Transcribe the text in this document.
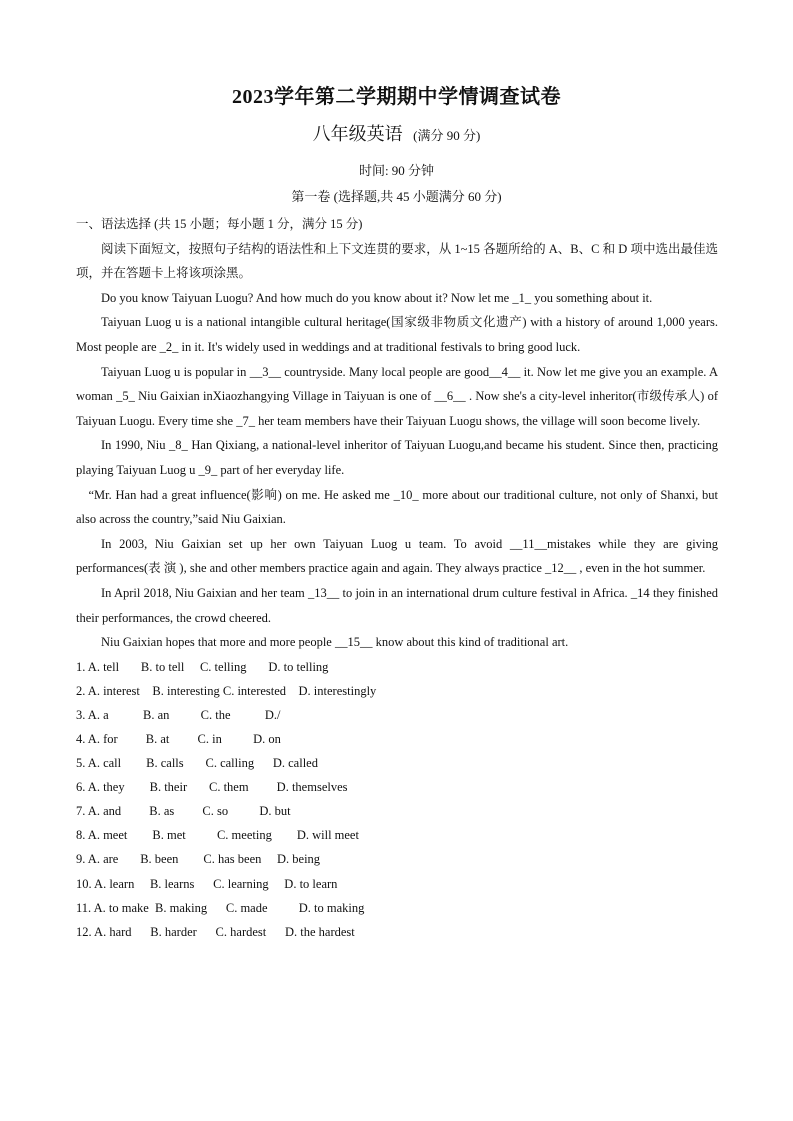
2023学年第二学期期中学情调查试卷
八年级英语 (满分 90 分)
时间: 90 分钟
第一卷 (选择题,共 45 小题满分 60 分)

一、语法选择 (共 15 小题；每小题 1 分，满分 15 分)

阅读下面短文，按照句子结构的语法性和上下文连贯的要求，从 1~15 各题所给的 A、B、C 和 D 项中选出最佳选项，并在答题卡上将该项涂黑。

Do you know Taiyuan Luogu? And how much do you know about it? Now let me _1_ you something about it.

Taiyuan Luog u is a national intangible cultural heritage(国家级非物质文化遗产) with a history of around 1,000 years. Most people are _2_ in it. It's widely used in weddings and at traditional festivals to bring good luck.

Taiyuan Luog u is popular in __3__ countryside. Many local people are good__4__ it. Now let me give you an example. A woman _5_ Niu Gaixian inXiaozhangying Village in Taiyuan is one of __6__ . Now she's a city-level inheritor(市级传承人) of Taiyuan Luogu. Every time she _7_ her team members have their Taiyuan Luogu shows, the village will soon become lively.

In 1990, Niu _8_ Han Qixiang, a national-level inheritor of Taiyuan Luogu,and became his student. Since then, practicing playing Taiyuan Luog u _9_ part of her everyday life.

“Mr. Han had a great influence(影响) on me. He asked me _10_ more about our traditional culture, not only of Shanxi, but also across the country,”said Niu Gaixian.

In 2003, Niu Gaixian set up her own Taiyuan Luog u team. To avoid __11__mistakes while they are giving performances(表 演 ), she and other members practice again and again. They always practice _12__ , even in the hot summer.

In April 2018, Niu Gaixian and her team _13__ to join in an international drum culture festival in Africa. _14 they finished their performances, the crowd cheered.

Niu Gaixian hopes that more and more people __15__ know about this kind of traditional art.

1. A. tell       B. to tell     C. telling       D. to telling
2. A. interest    B. interesting C. interested    D. interestingly
3. A. a           B. an          C. the           D./
4. A. for         B. at         C. in          D. on
5. A. call        B. calls       C. calling      D. called
6. A. they        B. their       C. them         D. themselves
7. A. and         B. as         C. so          D. but
8. A. meet        B. met          C. meeting        D. will meet
9. A. are       B. been        C. has been     D. being
10. A. learn     B. learns      C. learning     D. to learn
11. A. to make  B. making      C. made          D. to making
12. A. hard      B. harder      C. hardest      D. the hardest
